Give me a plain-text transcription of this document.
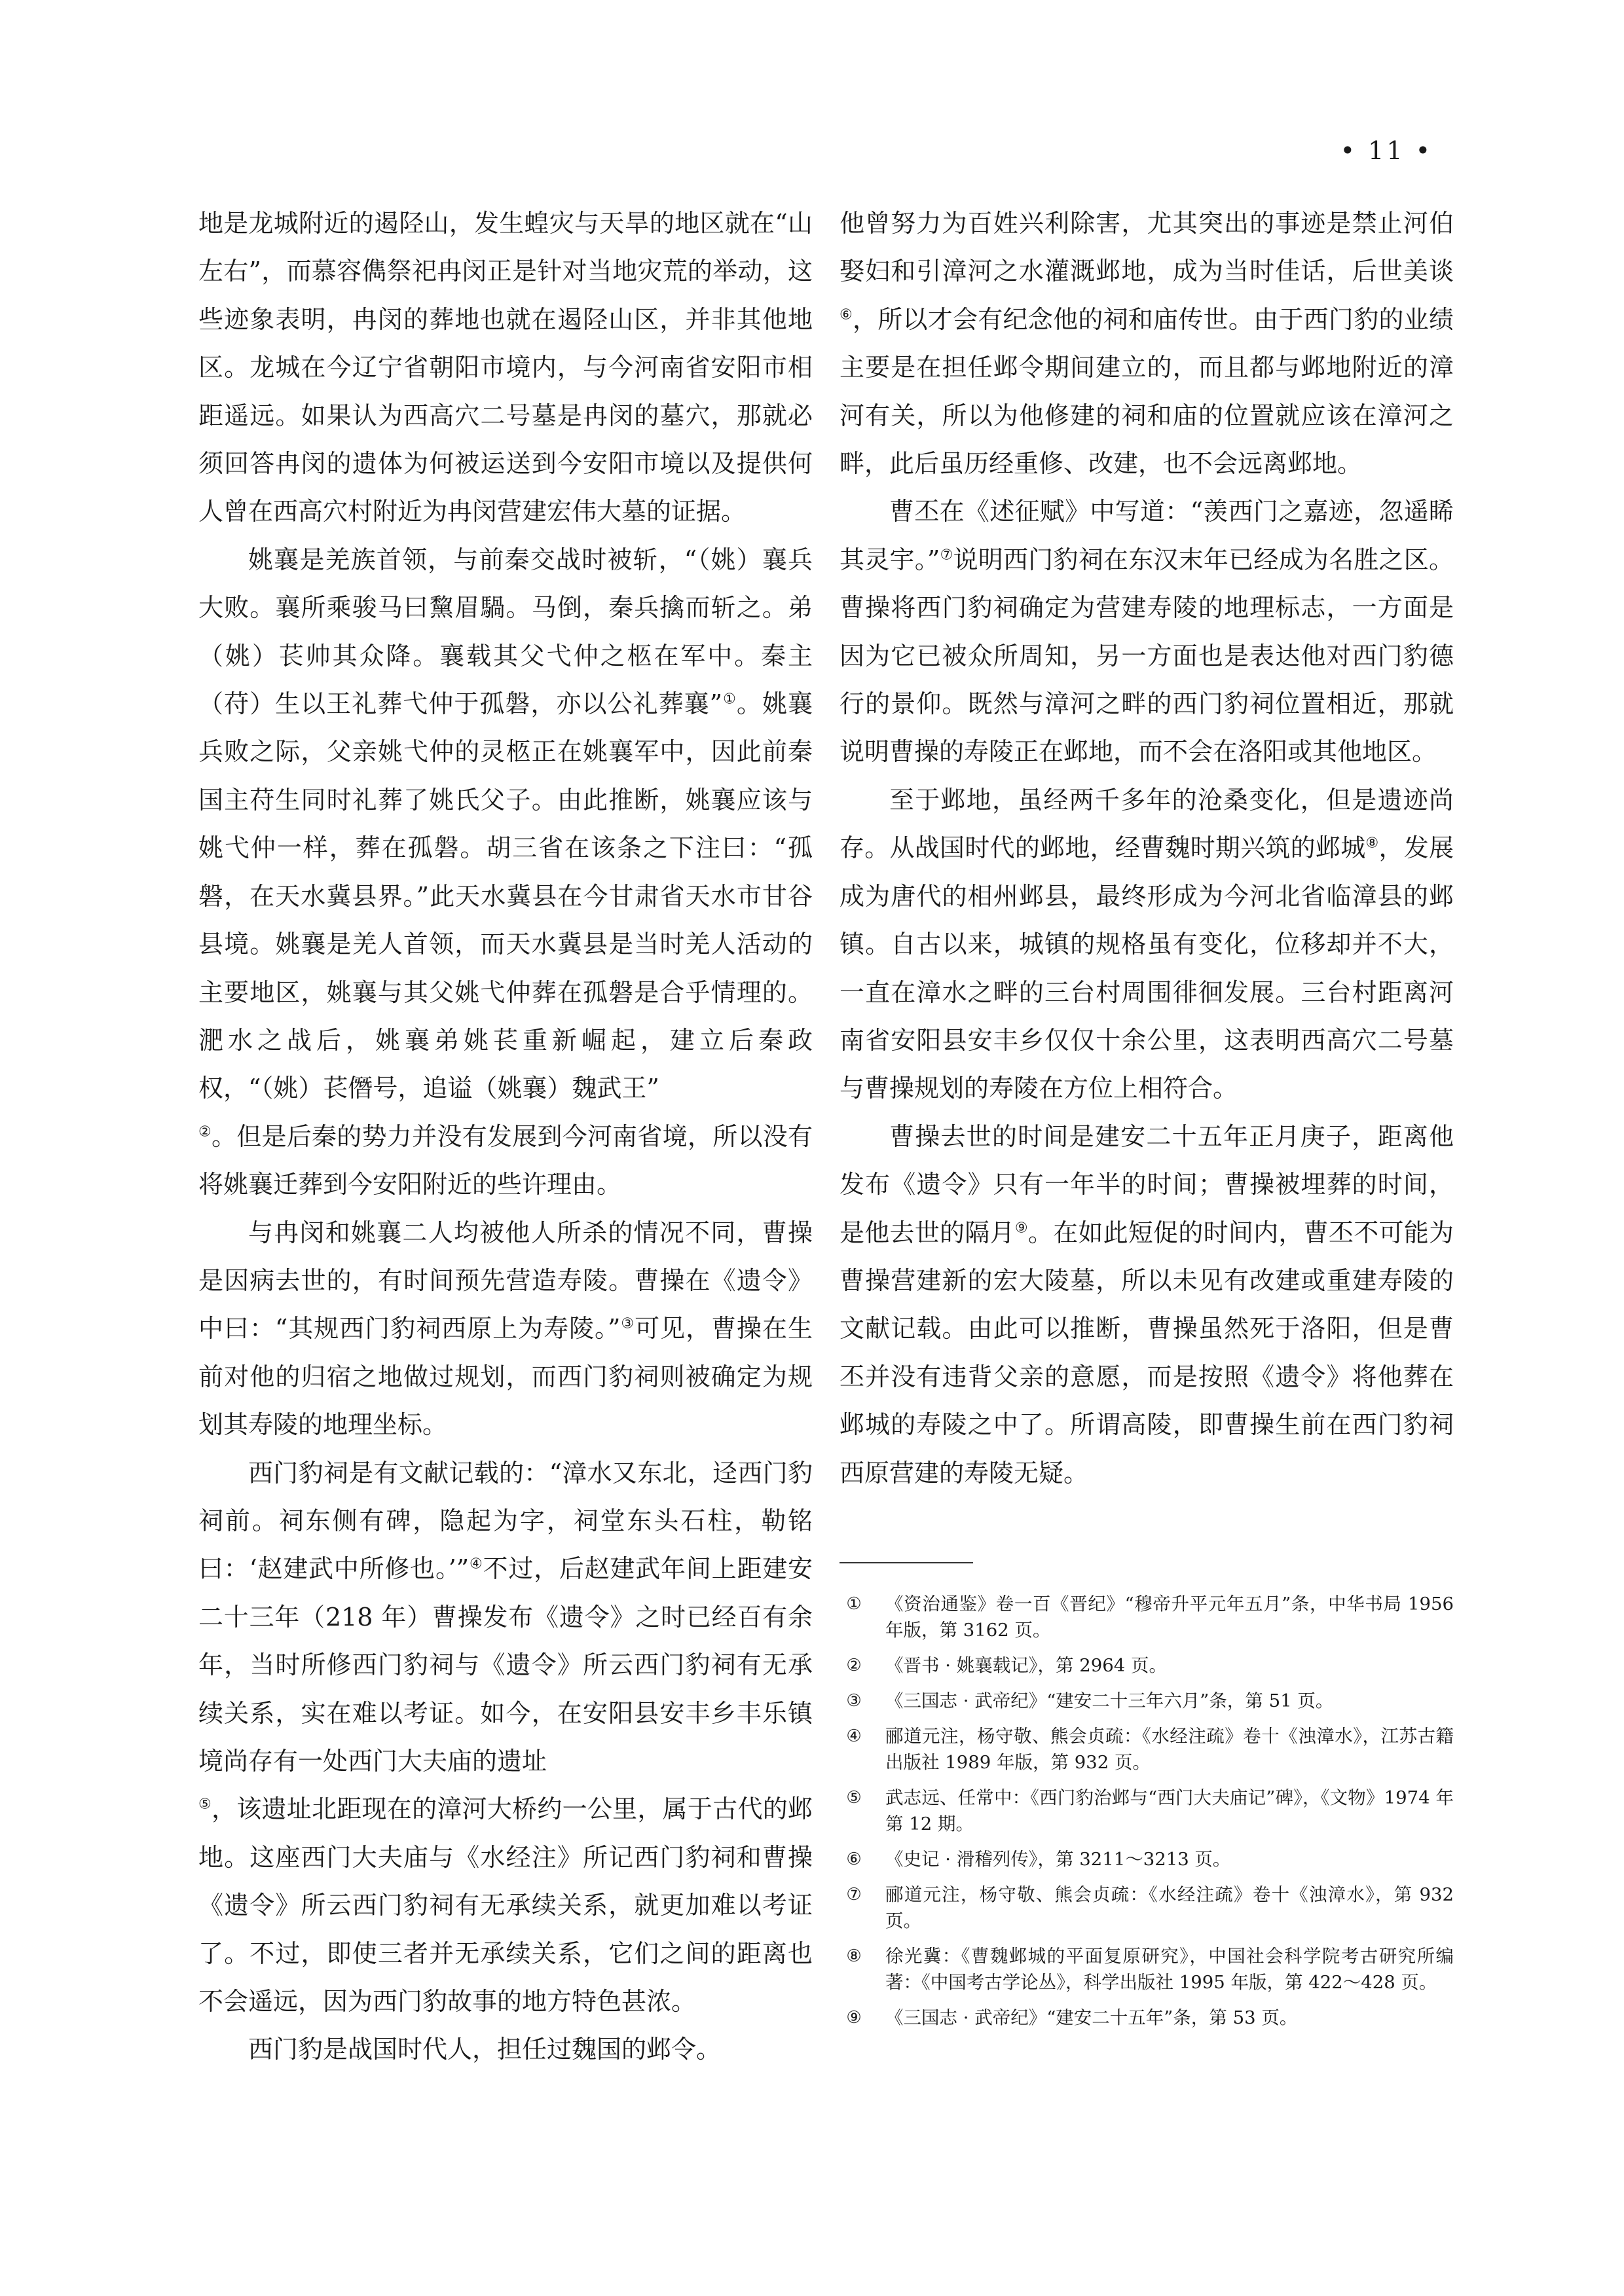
• 11 •

地是龙城附近的遏陉山，发生蝗灾与天旱的地区就在“山左右”，而慕容儁祭祀冉闵正是针对当地灾荒的举动，这些迹象表明，冉闵的葬地也就在遏陉山区，并非其他地区。龙城在今辽宁省朝阳市境内，与今河南省安阳市相距遥远。如果认为西高穴二号墓是冉闵的墓穴，那就必须回答冉闵的遗体为何被运送到今安阳市境以及提供何人曾在西高穴村附近为冉闵营建宏伟大墓的证据。

姚襄是羌族首领，与前秦交战时被斩，“（姚）襄兵大败。襄所乘骏马曰黧眉騧。马倒，秦兵擒而斩之。弟（姚）苌帅其众降。襄载其父弋仲之柩在军中。秦主（苻）生以王礼葬弋仲于孤磐，亦以公礼葬襄”①。姚襄兵败之际，父亲姚弋仲的灵柩正在姚襄军中，因此前秦国主苻生同时礼葬了姚氏父子。由此推断，姚襄应该与姚弋仲一样，葬在孤磐。胡三省在该条之下注曰：“孤磐，在天水冀县界。”此天水冀县在今甘肃省天水市甘谷县境。姚襄是羌人首领，而天水冀县是当时羌人活动的主要地区，姚襄与其父姚弋仲葬在孤磐是合乎情理的。淝水之战后，姚襄弟姚苌重新崛起，建立后秦政权，“（姚）苌僭号，追谥（姚襄）魏武王”

②。但是后秦的势力并没有发展到今河南省境，所以没有将姚襄迁葬到今安阳附近的些许理由。

与冉闵和姚襄二人均被他人所杀的情况不同，曹操是因病去世的，有时间预先营造寿陵。曹操在《遗令》中曰：“其规西门豹祠西原上为寿陵。”③可见，曹操在生前对他的归宿之地做过规划，而西门豹祠则被确定为规划其寿陵的地理坐标。

西门豹祠是有文献记载的：“漳水又东北，迳西门豹祠前。祠东侧有碑，隐起为字，祠堂东头石柱，勒铭曰：‘赵建武中所修也。’”④不过，后赵建武年间上距建安二十三年（218 年）曹操发布《遗令》之时已经百有余年，当时所修西门豹祠与《遗令》所云西门豹祠有无承续关系，实在难以考证。如今，在安阳县安丰乡丰乐镇境尚存有一处西门大夫庙的遗址

⑤，该遗址北距现在的漳河大桥约一公里，属于古代的邺地。这座西门大夫庙与《水经注》所记西门豹祠和曹操《遗令》所云西门豹祠有无承续关系，就更加难以考证了。不过，即使三者并无承续关系，它们之间的距离也不会遥远，因为西门豹故事的地方特色甚浓。

西门豹是战国时代人，担任过魏国的邺令。

他曾努力为百姓兴利除害，尤其突出的事迹是禁止河伯娶妇和引漳河之水灌溉邺地，成为当时佳话，后世美谈⑥，所以才会有纪念他的祠和庙传世。由于西门豹的业绩主要是在担任邺令期间建立的，而且都与邺地附近的漳河有关，所以为他修建的祠和庙的位置就应该在漳河之畔，此后虽历经重修、改建，也不会远离邺地。

曹丕在《述征赋》中写道：“羡西门之嘉迹，忽遥睎其灵宇。”⑦说明西门豹祠在东汉末年已经成为名胜之区。曹操将西门豹祠确定为营建寿陵的地理标志，一方面是因为它已被众所周知，另一方面也是表达他对西门豹德行的景仰。既然与漳河之畔的西门豹祠位置相近，那就说明曹操的寿陵正在邺地，而不会在洛阳或其他地区。

至于邺地，虽经两千多年的沧桑变化，但是遗迹尚存。从战国时代的邺地，经曹魏时期兴筑的邺城⑧，发展成为唐代的相州邺县，最终形成为今河北省临漳县的邺镇。自古以来，城镇的规格虽有变化，位移却并不大，一直在漳水之畔的三台村周围徘徊发展。三台村距离河南省安阳县安丰乡仅仅十余公里，这表明西高穴二号墓与曹操规划的寿陵在方位上相符合。

曹操去世的时间是建安二十五年正月庚子，距离他发布《遗令》只有一年半的时间；曹操被埋葬的时间，是他去世的隔月⑨。在如此短促的时间内，曹丕不可能为曹操营建新的宏大陵墓，所以未见有改建或重建寿陵的文献记载。由此可以推断，曹操虽然死于洛阳，但是曹丕并没有违背父亲的意愿，而是按照《遗令》将他葬在邺城的寿陵之中了。所谓高陵，即曹操生前在西门豹祠西原营建的寿陵无疑。

①	《资治通鉴》卷一百《晋纪》“穆帝升平元年五月”条，中华书局 1956 年版，第 3162 页。
②	《晋书 · 姚襄载记》，第 2964 页。
③	《三国志 · 武帝纪》“建安二十三年六月”条，第 51 页。
④	郦道元注，杨守敬、熊会贞疏：《水经注疏》卷十《浊漳水》，江苏古籍出版社 1989 年版，第 932 页。
⑤	武志远、任常中：《西门豹治邺与“西门大夫庙记”碑》，《文物》1974 年第 12 期。
⑥	《史记 · 滑稽列传》，第 3211～3213 页。
⑦	郦道元注，杨守敬、熊会贞疏：《水经注疏》卷十《浊漳水》，第 932 页。
⑧	徐光冀：《曹魏邺城的平面复原研究》，中国社会科学院考古研究所编著：《中国考古学论丛》，科学出版社 1995 年版，第 422～428 页。
⑨	《三国志 · 武帝纪》“建安二十五年”条，第 53 页。
